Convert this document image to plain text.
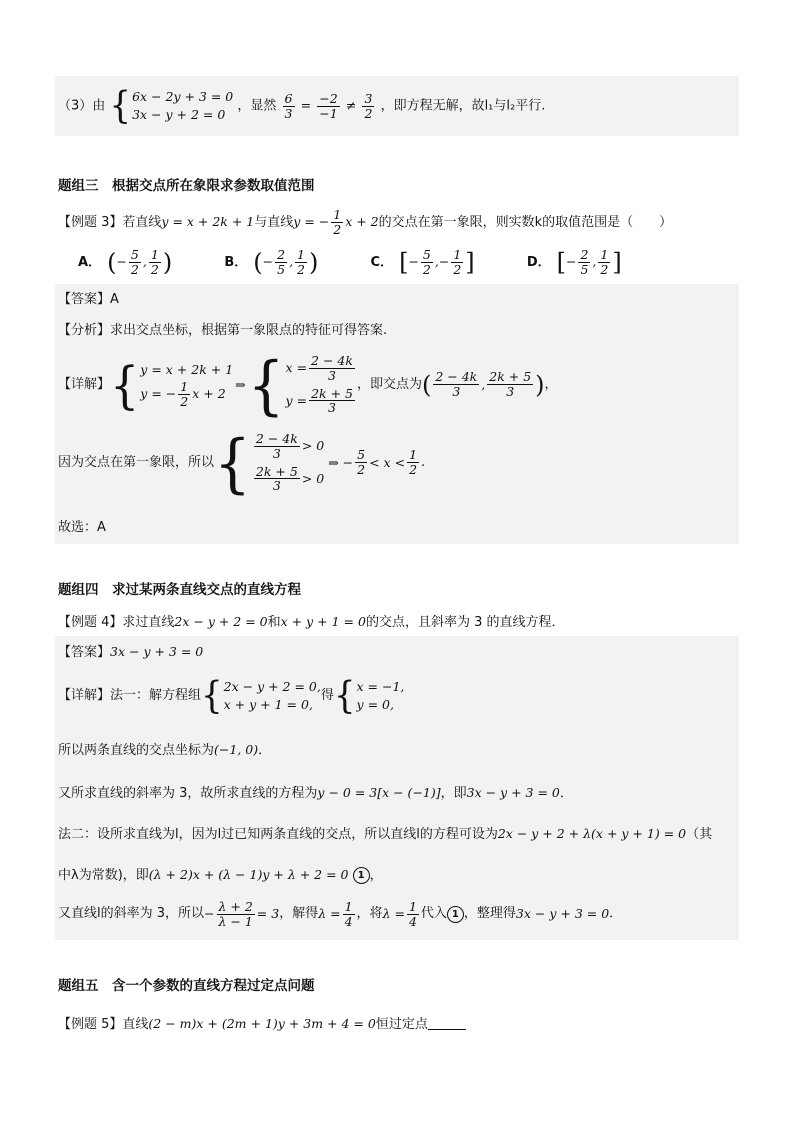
（3）由 { 6x − 2y + 3 = 0
3x − y + 2 = 0
，显然 $\frac{6}{3} = \frac{-2}{-1} \ne \frac{3}{2}$ ，即方程无解，故l₁与l₂平行.
题组三　根据交点所在象限求参数取值范围
【例题 3】若直线y = x + 2k + 1与直线y = − $\frac{1}{2}$ x + 2的交点在第一象限，则实数k的取值范围是（　　）
A． (− $\frac{5}{2}$ , $\frac{1}{2}$ )	B． (− $\frac{2}{5}$ , $\frac{1}{2}$ )	C． [− $\frac{5}{2}$ ,− $\frac{1}{2}$ ]	D． [− $\frac{2}{5}$ , $\frac{1}{2}$ ]
【答案】A
【分析】求出交点坐标，根据第一象限点的特征可得答案.
【详解】 { y = x + 2k + 1
y = − $\frac{1}{2}$ x + 2
⇒ { $x = \frac{2 - 4k}{3}$
$y = \frac{2k + 5}{3}$
，即交点为 ( $\frac{2 - 4k}{3}$ , $\frac{2k + 5}{3}$ ) ，
因为交点在第一象限，所以 { $\frac{2 - 4k}{3} > 0$
$\frac{2k + 5}{3} > 0$
⇒ − $\frac{5}{2} < x < \frac{1}{2}$ .
故选：A
题组四　求过某两条直线交点的直线方程
【例题 4】求过直线2x − y + 2 = 0和x + y + 1 = 0的交点，且斜率为 3 的直线方程．
【答案】3x − y + 3 = 0
【详解】法一：解方程组 { 2x − y + 2 = 0,
x + y + 1 = 0,
得 { x = −1,
y = 0,
所以两条直线的交点坐标为(−1, 0)．
又所求直线的斜率为 3，故所求直线的方程为y − 0 = 3[x − (−1)]，即3x − y + 3 = 0．
法二：设所求直线为l，因为l过已知两条直线的交点，所以直线l的方程可设为2x − y + 2 + λ(x + y + 1) = 0（其
中λ为常数)，即(λ + 2)x + (λ − 1)y + λ + 2 = 0 1 ，
又直线l的斜率为 3，所以 − $\frac{\lambda + 2}{\lambda - 1} = 3$ ，解得 $\lambda = \frac{1}{4}$ ，将 $\lambda = \frac{1}{4}$ 代入 1 ，整理得 3x − y + 3 = 0 ．
题组五　含一个参数的直线方程过定点问题
【例题 5】直线(2 − m)x + (2m + 1)y + 3m + 4 = 0恒过定点
